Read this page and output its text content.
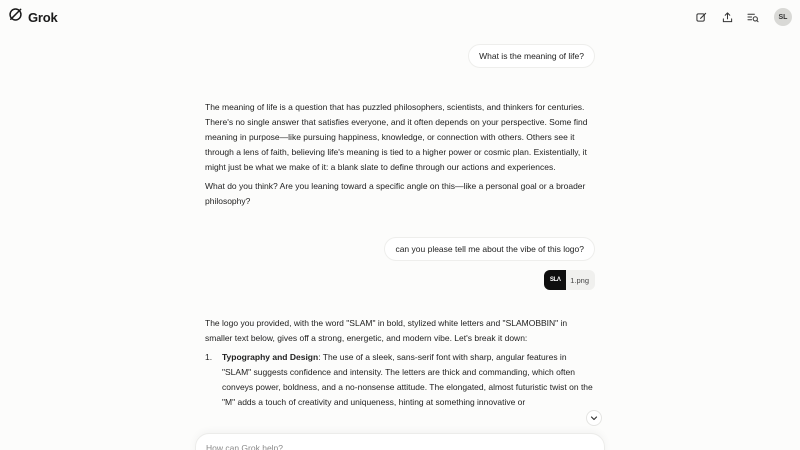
Grok	SL
What is the meaning of life?

The meaning of life is a question that has puzzled philosophers, scientists, and thinkers for centuries. There's no single answer that satisfies everyone, and it often depends on your perspective. Some find meaning in purpose—like pursuing happiness, knowledge, or connection with others. Others see it through a lens of faith, believing life's meaning is tied to a higher power or cosmic plan. Existentially, it might just be what we make of it: a blank slate to define through our actions and experiences.

What do you think? Are you leaning toward a specific angle on this—like a personal goal or a broader philosophy?

can you please tell me about the vibe of this logo?
SLΛ	1.png

The logo you provided, with the word "SLAM" in bold, stylized white letters and "SLAMOBBIN" in smaller text below, gives off a strong, energetic, and modern vibe. Let's break it down:

1.	Typography and Design: The use of a sleek, sans-serif font with sharp, angular features in "SLAM" suggests confidence and intensity. The letters are thick and commanding, which often conveys power, boldness, and a no-nonsense attitude. The elongated, almost futuristic twist on the "M" adds a touch of creativity and uniqueness, hinting at something innovative or
How can Grok help?
